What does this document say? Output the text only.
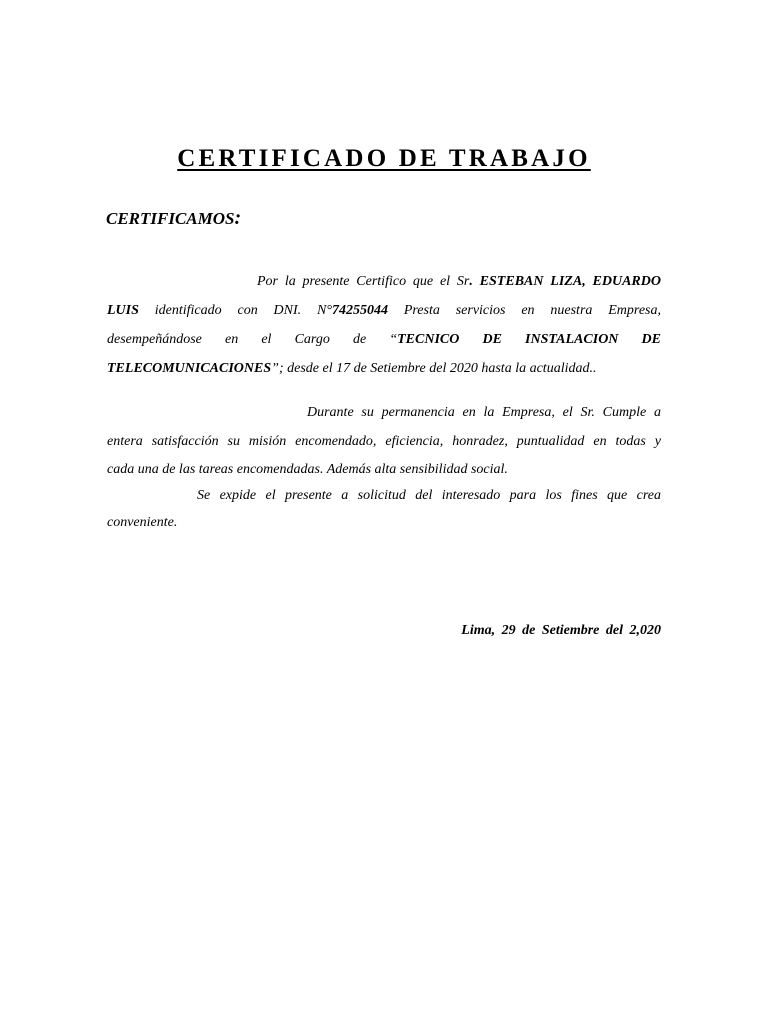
CERTIFICADO DE TRABAJO
CERTIFICAMOS:
Por la presente Certifico que el Sr. ESTEBAN LIZA, EDUARDO
LUIS identificado con DNI. N°74255044 Presta servicios en nuestra Empresa,
desempeñándose en el Cargo de “TECNICO DE INSTALACION DE
TELECOMUNICACIONES”; desde el 17 de Setiembre del 2020 hasta la actualidad..
Durante su permanencia en la Empresa, el Sr. Cumple a
entera satisfacción su misión encomendado, eficiencia, honradez, puntualidad en todas y
cada una de las tareas encomendadas. Además alta sensibilidad social.
Se expide el presente a solicitud del interesado para los fines que crea
conveniente.
Lima, 29 de Setiembre del 2,020
